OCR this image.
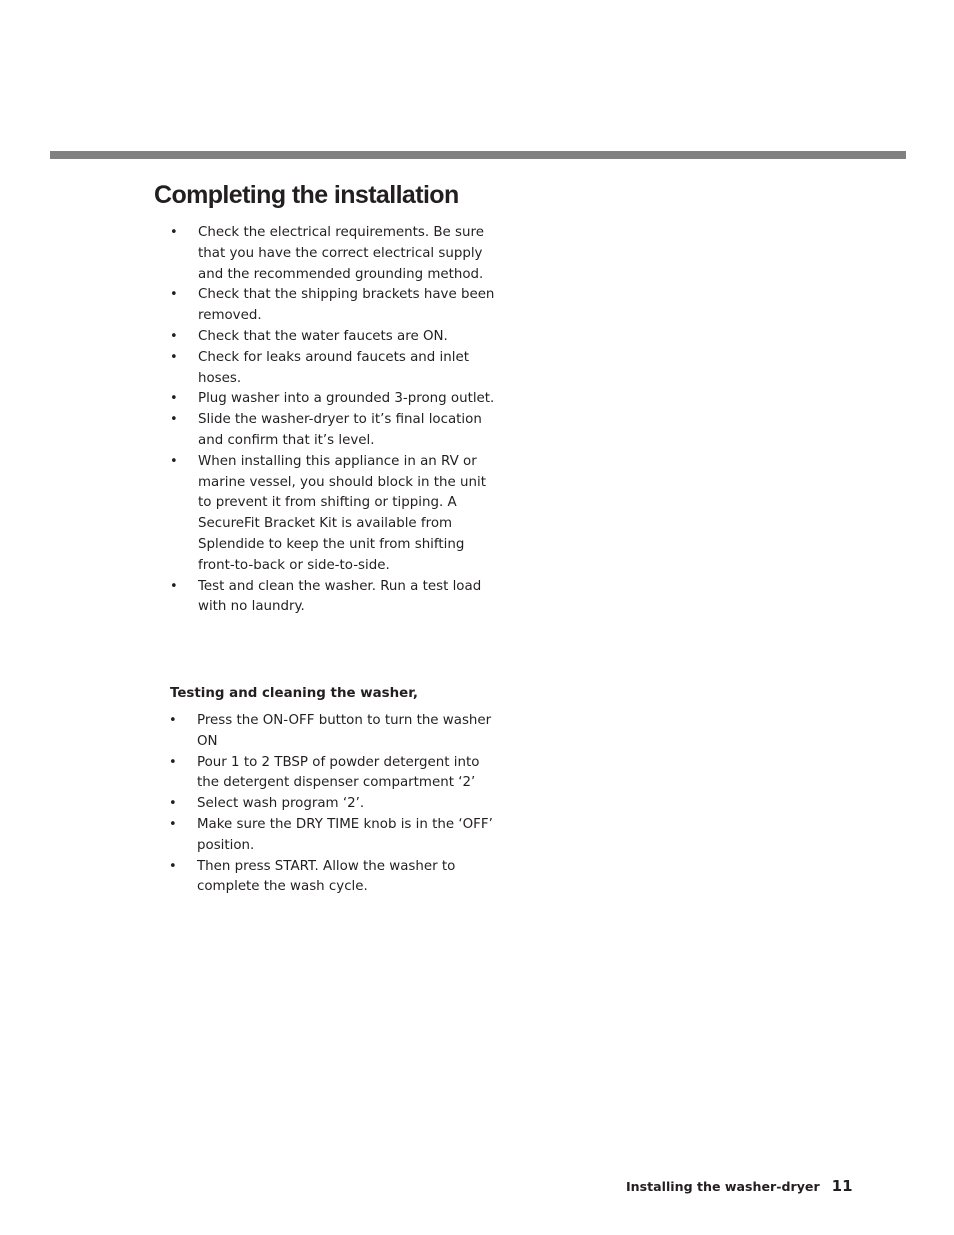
Completing the installation
• Check the electrical requirements. Be sure that you have the correct electrical supply and the recommended grounding method.
• Check that the shipping brackets have been removed.
• Check that the water faucets are ON.
• Check for leaks around faucets and inlet hoses.
• Plug washer into a grounded 3-prong outlet.
• Slide the washer-dryer to it’s final location and confirm that it’s level.
• When installing this appliance in an RV or marine vessel, you should block in the unit to prevent it from shifting or tipping. A SecureFit Bracket Kit is available from Splendide to keep the unit from shifting front-to-back or side-to-side.
• Test and clean the washer. Run a test load with no laundry.
Testing and cleaning the washer,
• Press the ON-OFF button to turn the washer ON
• Pour 1 to 2 TBSP of powder detergent into the detergent dispenser compartment ‘2’
• Select wash program ‘2’.
• Make sure the DRY TIME knob is in the ‘OFF’ position.
• Then press START. Allow the washer to complete the wash cycle.
Installing the washer-dryer 11
